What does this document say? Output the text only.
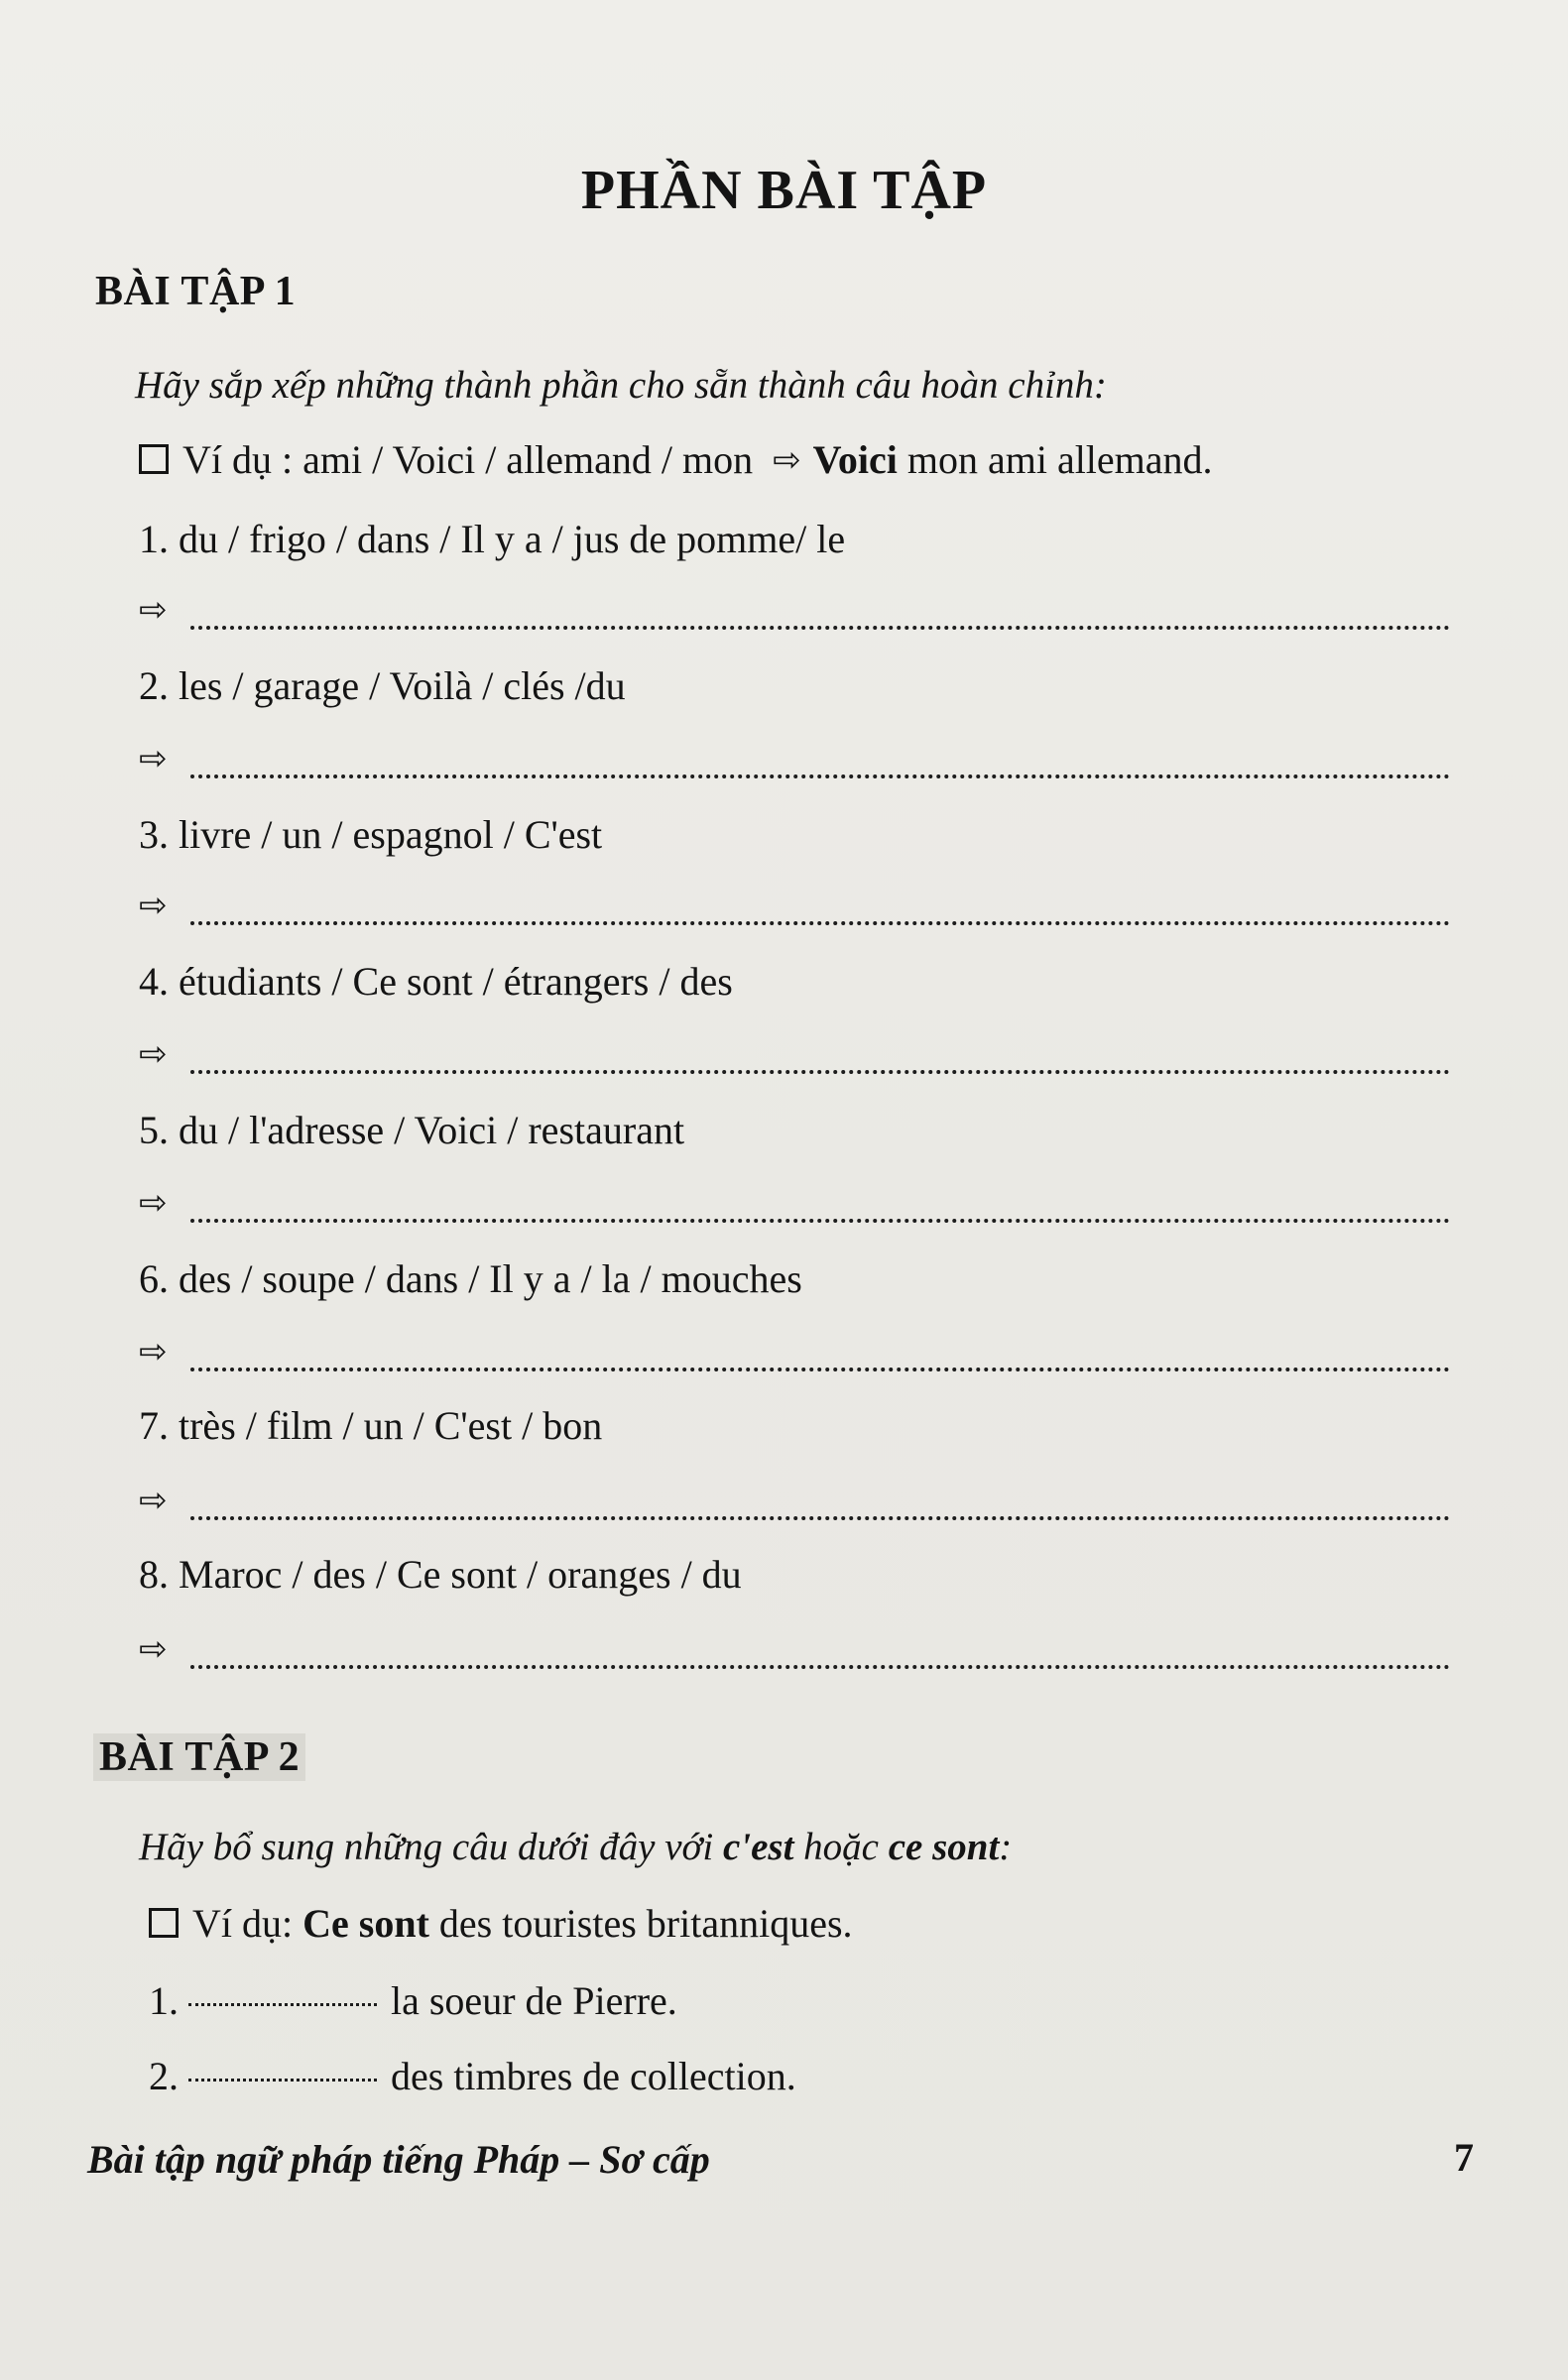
PHẦN BÀI TẬP
BÀI TẬP 1
Hãy sắp xếp những thành phần cho sẵn thành câu hoàn chỉnh:
Ví dụ : ami / Voici / allemand / mon ⇨ Voici mon ami allemand.
1. du / frigo / dans / Il y a / jus de pomme/ le
⇨
2. les / garage / Voilà / clés /du
⇨
3. livre / un / espagnol / C'est
⇨
4. étudiants / Ce sont / étrangers / des
⇨
5. du / l'adresse / Voici / restaurant
⇨
6. des / soupe / dans / Il y a / la / mouches
⇨
7. très / film / un / C'est / bon
⇨
8. Maroc / des / Ce sont / oranges / du
⇨
BÀI TẬP 2
Hãy bổ sung những câu dưới đây với c'est hoặc ce sont:
Ví dụ: Ce sont des touristes britanniques.
1.	la soeur de Pierre.
2.	des timbres de collection.
Bài tập ngữ pháp tiếng Pháp – Sơ cấp	7
